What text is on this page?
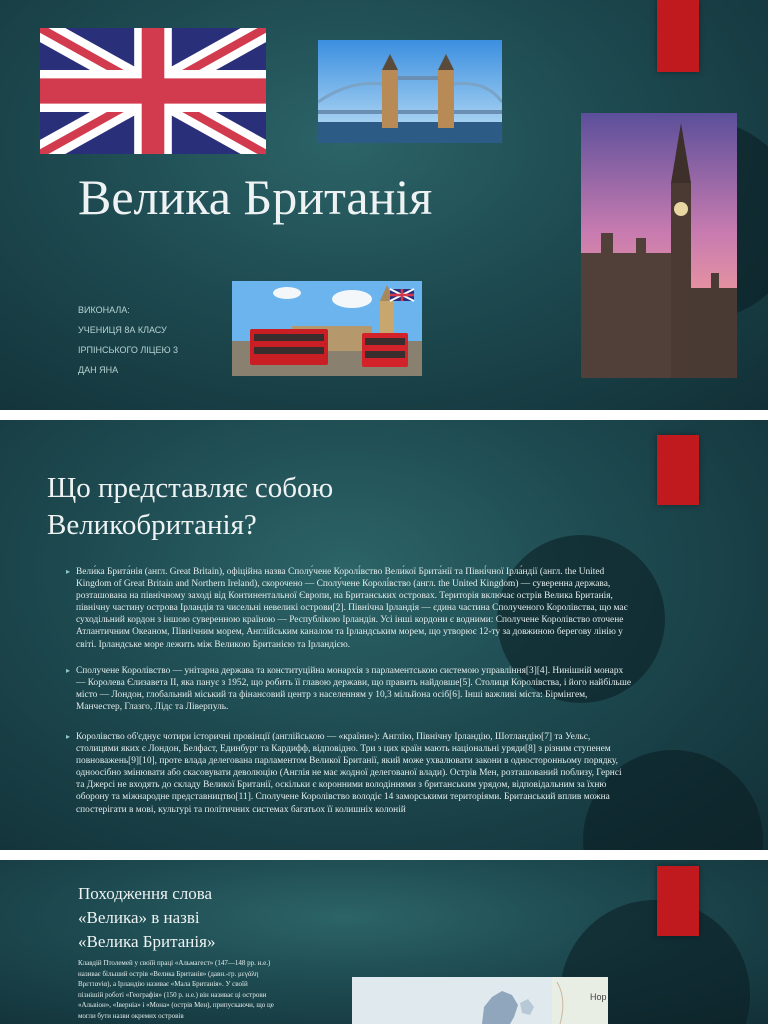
Велика Британія
ВИКОНАЛА:
УЧЕНИЦЯ 8А КЛАСУ
ІРПІНСЬКОГО ЛІЦЕЮ 3
ДАН ЯНА
Що представляє собою Великобританія?
▸ Вели́ка Брита́нія (англ. Great Britain), офіційна назва Сполу́чене Королі́вство Вели́кої Брита́нії та Півні́чної Ірла́ндії (англ. the United Kingdom of Great Britain and Northern Ireland), скорочено — Сполу́чене Королі́вство (англ. the United Kingdom) — суверенна держава, розташована на північному заході від Континентальної Європи, на Британських островах. Територія включає острів Велика Британія, північну частину острова Ірландія та чисельні невеликі острови[2]. Північна Ірландія — єдина частина Сполученого Королівства, що має суходільний кордон з іншою суверенною країною — Республікою Ірландія. Усі інші кордони є водними: Сполучене Королівство оточене Атлантичним Океаном, Північним морем, Англійським каналом та Ірландським морем, що утворює 12-ту за довжиною берегову лінію у світі. Ірландське море лежить між Великою Британією та Ірландією.
▸ Сполучене Королівство — унітарна держава та конституційна монархія з парламентською системою управління[3][4]. Нинішній монарх — Королева Єлизавета II, яка панує з 1952, що робить її главою держави, що править найдовше[5]. Столиця Королівства, і його найбільше місто — Лондон, глобальний міський та фінансовий центр з населенням у 10,3 мільйона осіб[6]. Інші важливі міста: Бірмінгем, Манчестер, Глазго, Лідс та Ліверпуль.
▸ Королівство об'єднує чотири історичні провінції (англійською — «країни»): Англію, Північну Ірландію, Шотландію[7] та Уельс, столицями яких є Лондон, Белфаст, Единбург та Кардифф, відповідно. Три з цих країн мають національні уряди[8] з різним ступенем повноважень[9][10], проте влада делегована парламентом Великої Британії, який може ухвалювати закони в односторонньому порядку, одноосібно змінювати або скасовувати деволюцію (Англія не має жодної делегованої влади). Острів Мен, розташований поблизу, Гернсі та Джерсі не входять до складу Великої Британії, оскільки є коронними володіннями з британським урядом, відповідальним за їхню оборону та міжнародне представництво[11]. Сполучене Королівство володіє 14 заморськими територіями. Британський вплив можна спостерігати в мові, культурі та політичних системах багатьох її колишніх колоній
Походження слова
«Велика» в назві
«Велика Британія»
Клавдій Птолемей у своїй праці «Альмагест» (147—148 рр. н.е.) називає більший острів «Велика Британія» (давн.-гр. μεγάλη Βρεττανία), а Ірландію називає «Мала Британія». У своїй пізнішій роботі «Географія» (150 р. н.е.) він називає ці острови «Альвіон», «Іверніа» і «Мона» (острів Мен), припускаючи, що це могли бути назви окремих островів
Нор
